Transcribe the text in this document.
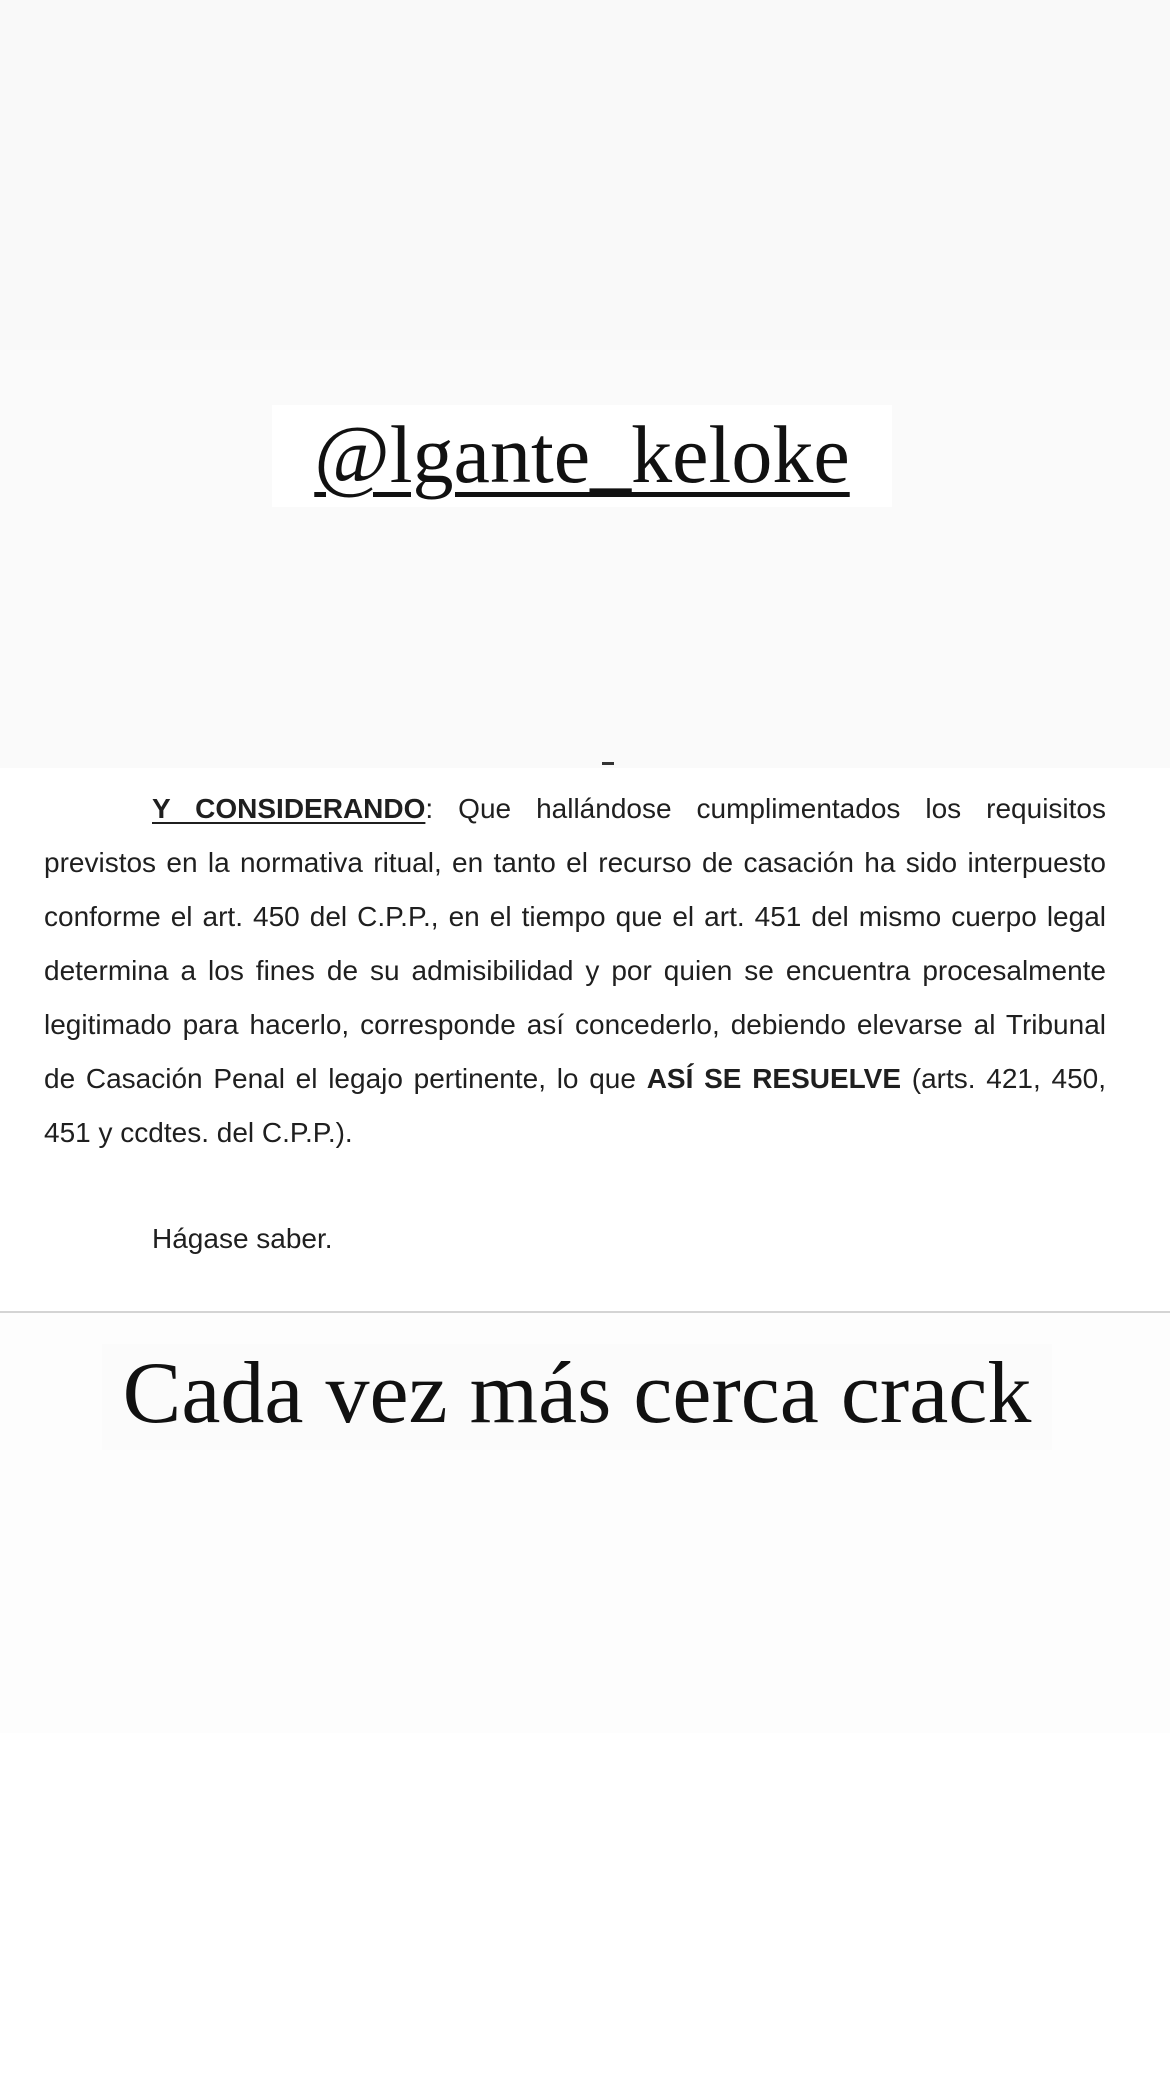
@lgante_keloke

Y CONSIDERANDO: Que hallándose cumplimentados los requisitos previstos en la normativa ritual, en tanto el recurso de casación ha sido interpuesto conforme el art. 450 del C.P.P., en el tiempo que el art. 451 del mismo cuerpo legal determina a los fines de su admisibilidad y por quien se encuentra procesalmente legitimado para hacerlo, corresponde así concederlo, debiendo elevarse al Tribunal de Casación Penal el legajo pertinente, lo que ASÍ SE RESUELVE (arts. 421, 450, 451 y ccdtes. del C.P.P.).

Hágase saber.

Cada vez más cerca crack
